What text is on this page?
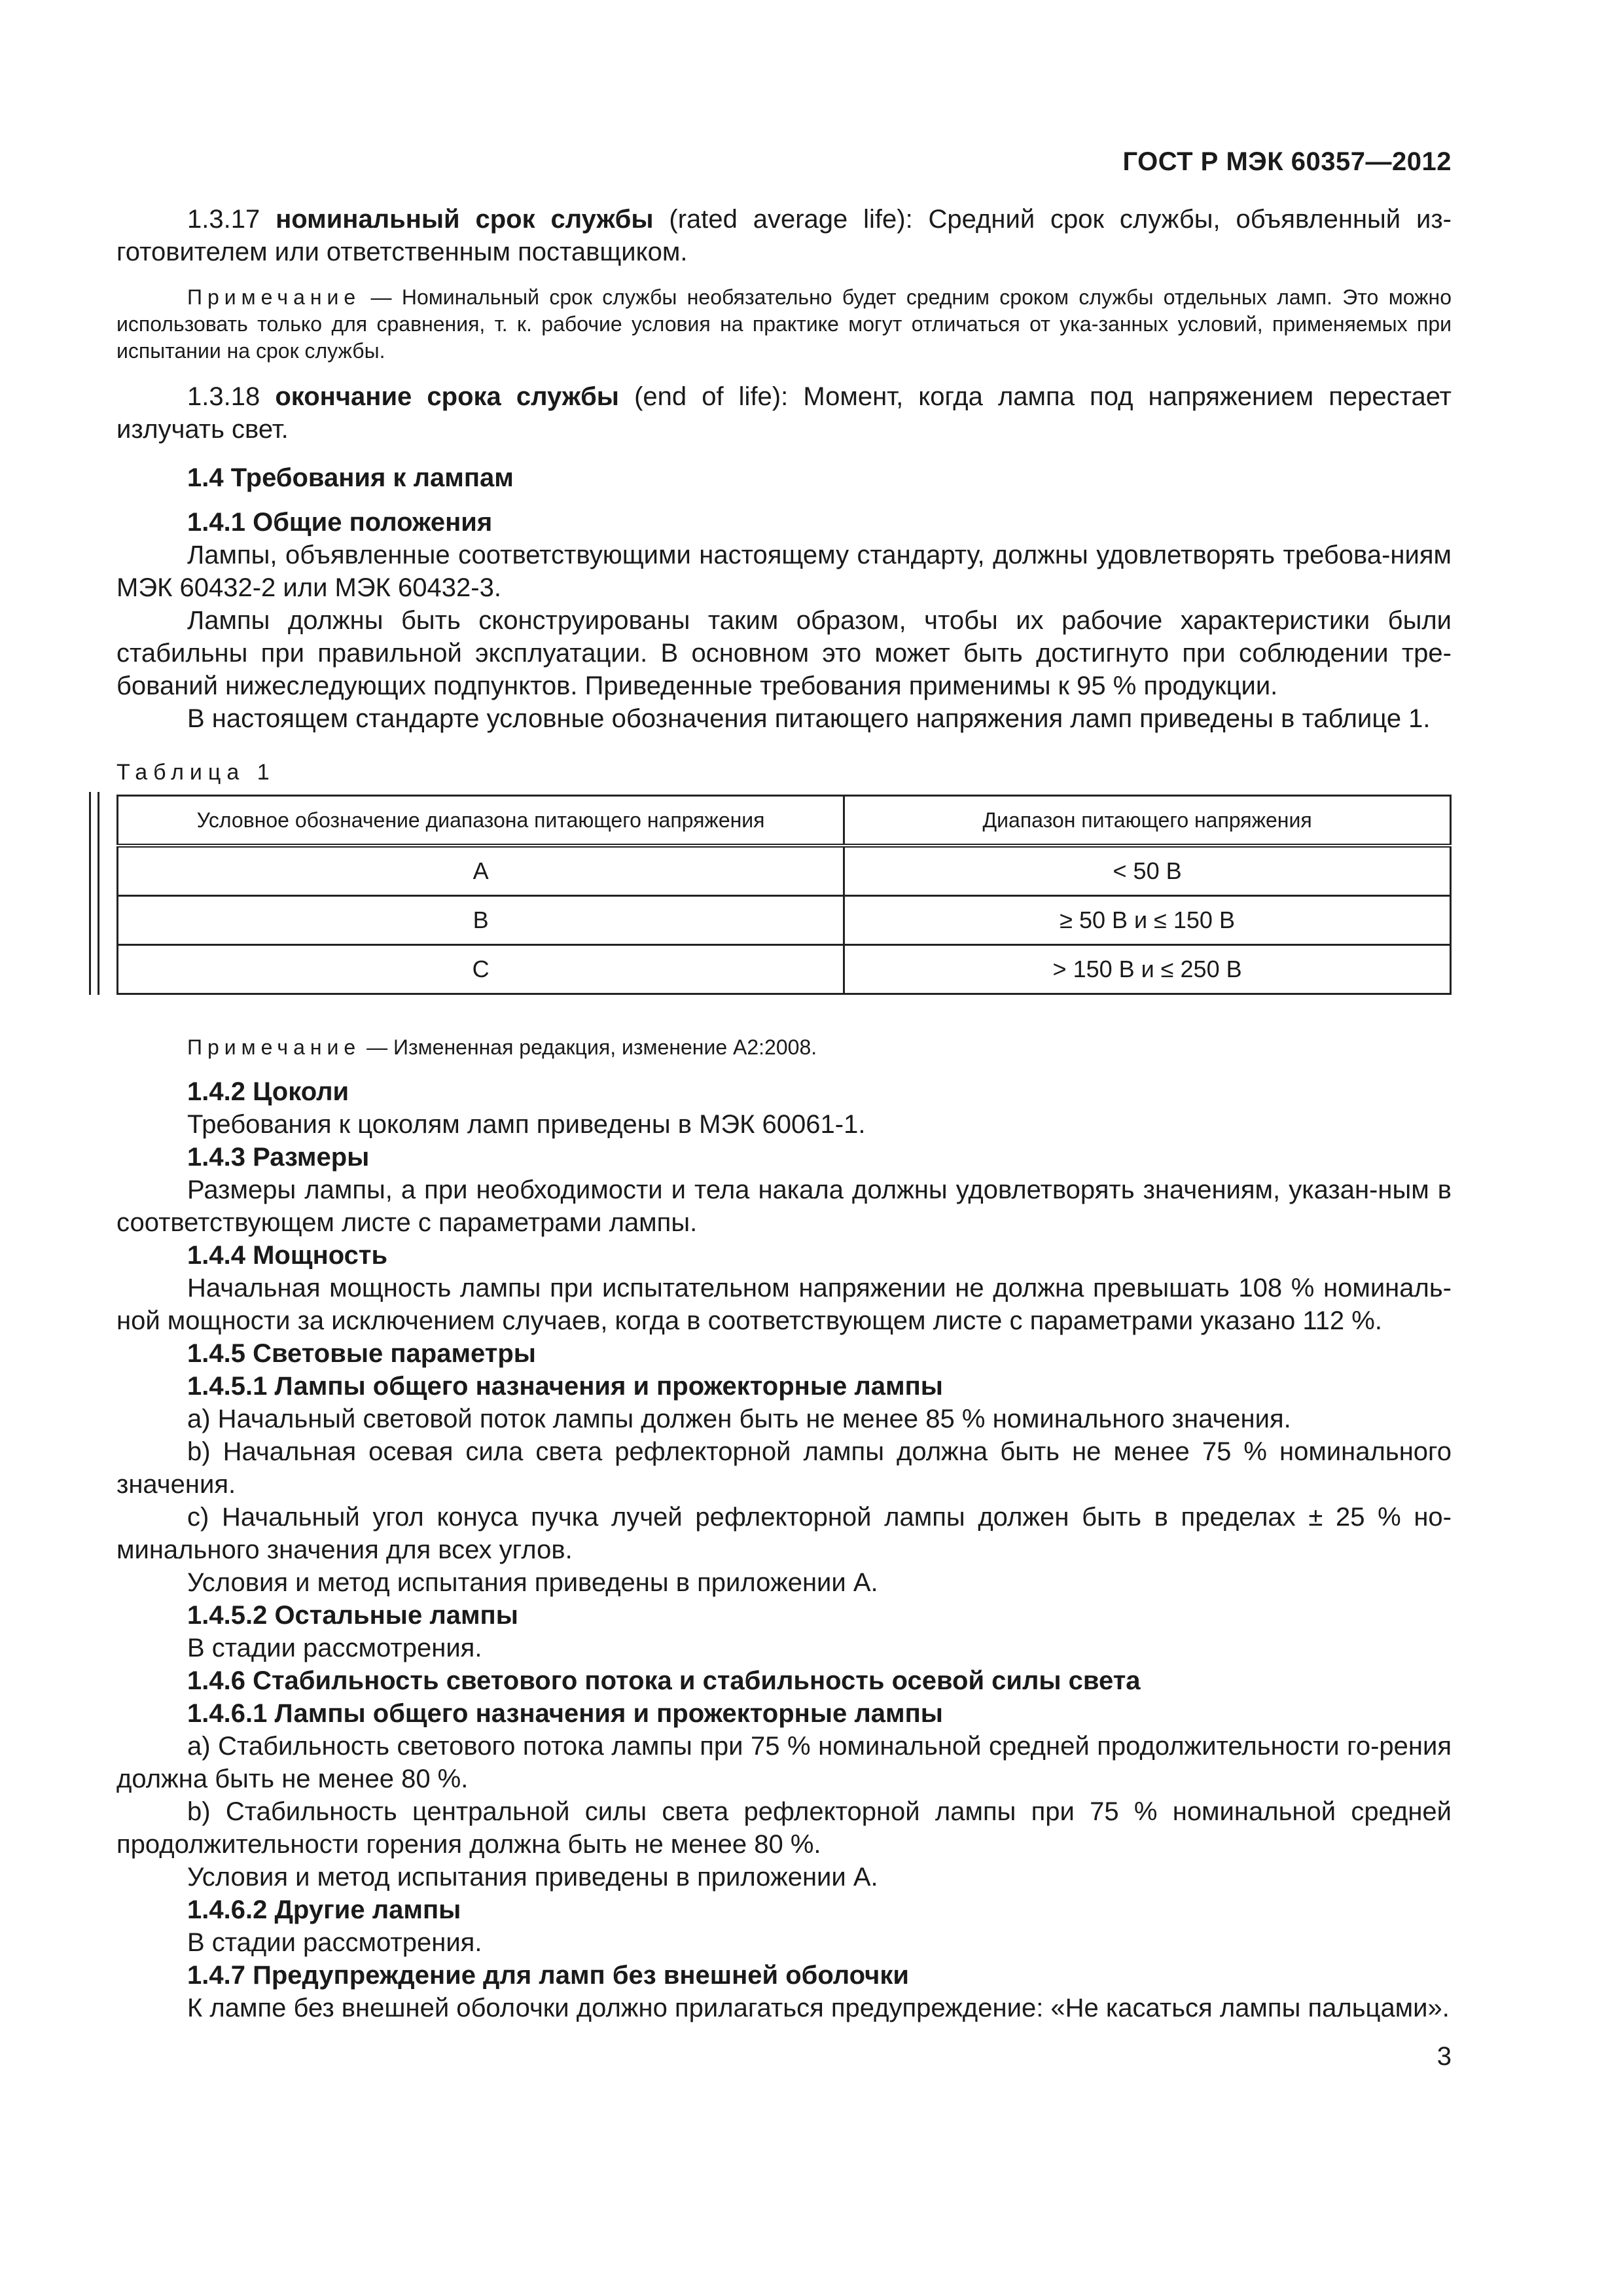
ГОСТ Р МЭК 60357—2012

1.3.17 номинальный срок службы (rated average life): Средний срок службы, объявленный из-готовителем или ответственным поставщиком.

Примечание — Номинальный срок службы необязательно будет средним сроком службы отдельных ламп. Это можно использовать только для сравнения, т. к. рабочие условия на практике могут отличаться от ука-занных условий, применяемых при испытании на срок службы.

1.3.18 окончание срока службы (end of life): Момент, когда лампа под напряжением перестает излучать свет.

1.4 Требования к лампам
1.4.1 Общие положения

Лампы, объявленные соответствующими настоящему стандарту, должны удовлетворять требова-ниям МЭК 60432-2 или МЭК 60432-3.

Лампы должны быть сконструированы таким образом, чтобы их рабочие характеристики были стабильны при правильной эксплуатации. В основном это может быть достигнуто при соблюдении тре-бований нижеследующих подпунктов. Приведенные требования применимы к 95 % продукции.

В настоящем стандарте условные обозначения питающего напряжения ламп приведены в таблице 1.

Таблица 1
Условное обозначение диапазона питающего напряжения	Диапазон питающего напряжения
A	< 50 В
B	≥ 50 В и ≤ 150 В
C	> 150 В и ≤ 250 В

Примечание — Измененная редакция, изменение A2:2008.

1.4.2 Цоколи

Требования к цоколям ламп приведены в МЭК 60061-1.

1.4.3 Размеры

Размеры лампы, а при необходимости и тела накала должны удовлетворять значениям, указан-ным в соответствующем листе с параметрами лампы.

1.4.4 Мощность

Начальная мощность лампы при испытательном напряжении не должна превышать 108 % номиналь-ной мощности за исключением случаев, когда в соответствующем листе с параметрами указано 112 %.

1.4.5 Световые параметры
1.4.5.1 Лампы общего назначения и прожекторные лампы

a) Начальный световой поток лампы должен быть не менее 85 % номинального значения.

b) Начальная осевая сила света рефлекторной лампы должна быть не менее 75 % номинального значения.

c) Начальный угол конуса пучка лучей рефлекторной лампы должен быть в пределах ± 25 % но-минального значения для всех углов.

Условия и метод испытания приведены в приложении A.

1.4.5.2 Остальные лампы

В стадии рассмотрения.

1.4.6 Стабильность светового потока и стабильность осевой силы света
1.4.6.1 Лампы общего назначения и прожекторные лампы

a) Стабильность светового потока лампы при 75 % номинальной средней продолжительности го-рения должна быть не менее 80 %.

b) Стабильность центральной силы света рефлекторной лампы при 75 % номинальной средней продолжительности горения должна быть не менее 80 %.

Условия и метод испытания приведены в приложении A.

1.4.6.2 Другие лампы

В стадии рассмотрения.

1.4.7 Предупреждение для ламп без внешней оболочки

К лампе без внешней оболочки должно прилагаться предупреждение: «Не касаться лампы пальцами».

3
